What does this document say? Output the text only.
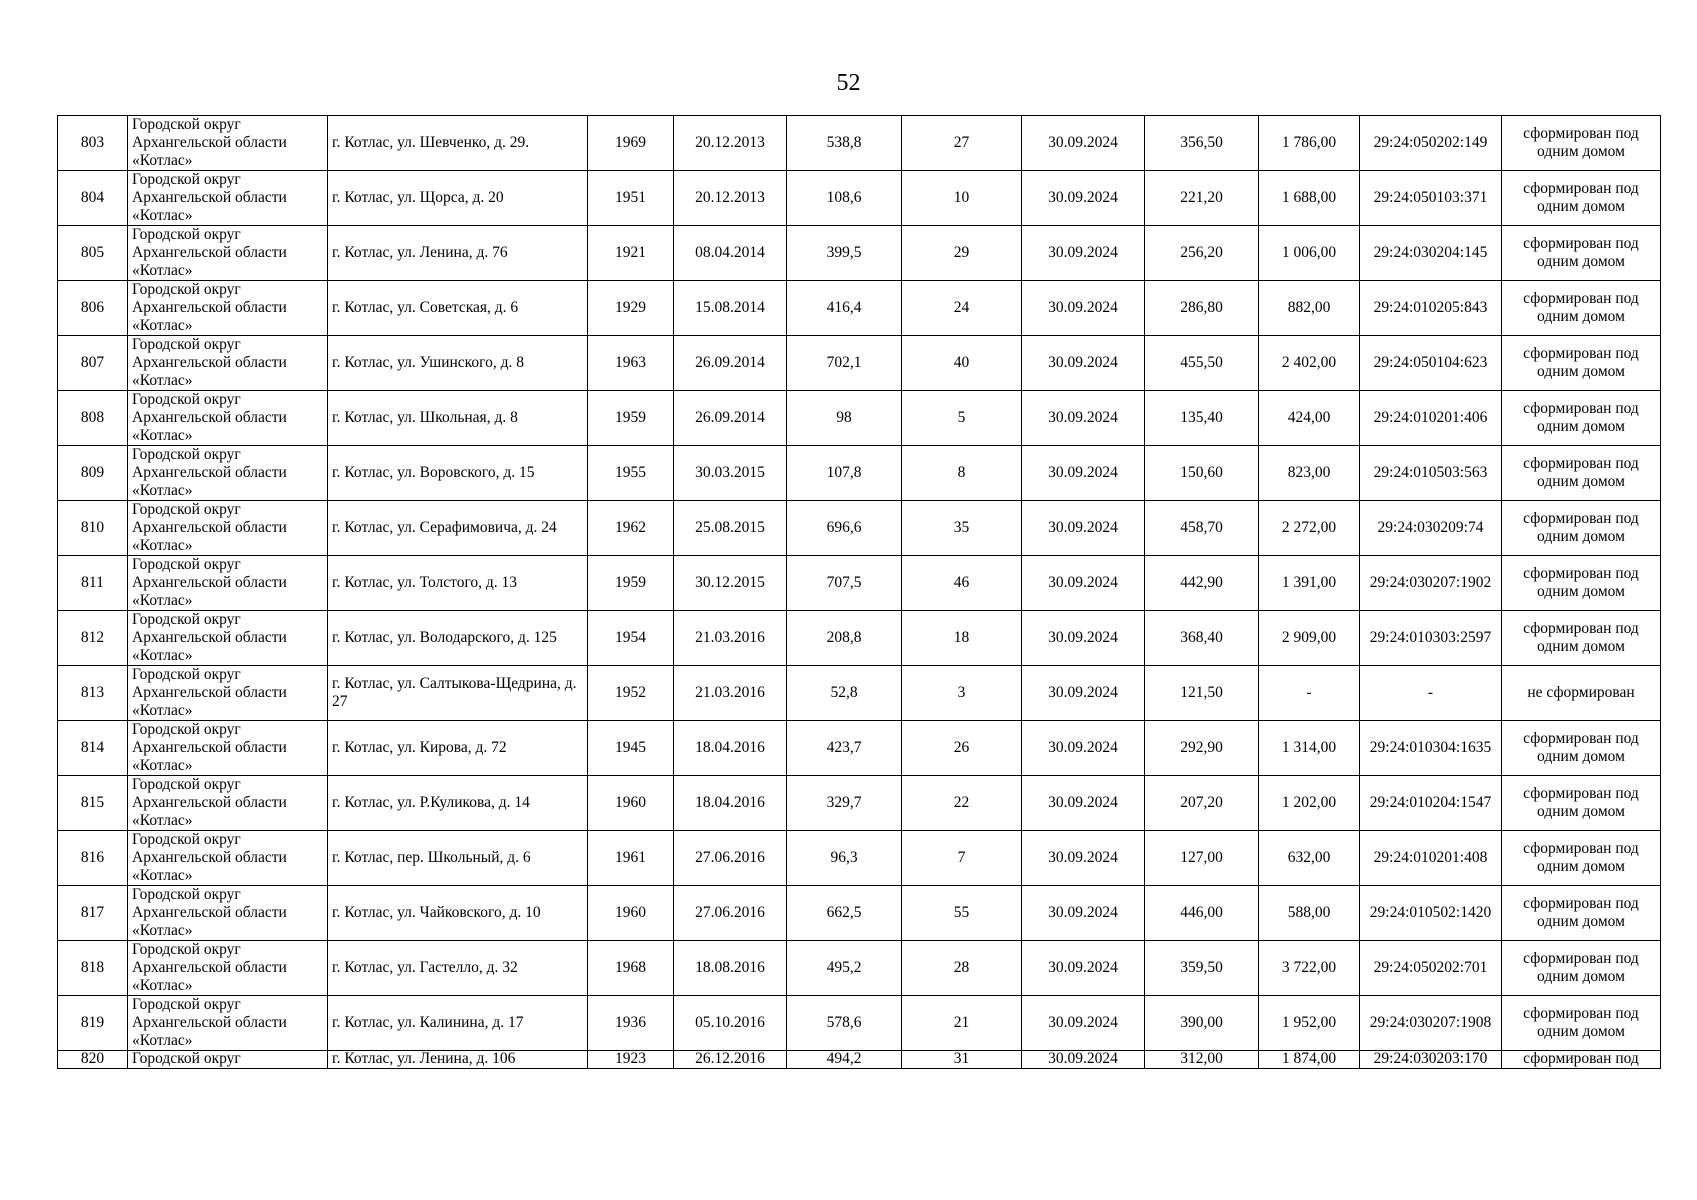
52
803	Городской округ Архангельской области «Котлас»	г. Котлас, ул. Шевченко, д. 29.	1969	20.12.2013	538,8	27	30.09.2024	356,50	1 786,00	29:24:050202:149	сформирован под одним домом
804	Городской округ Архангельской области «Котлас»	г. Котлас, ул. Щорса, д. 20	1951	20.12.2013	108,6	10	30.09.2024	221,20	1 688,00	29:24:050103:371	сформирован под одним домом
805	Городской округ Архангельской области «Котлас»	г. Котлас, ул. Ленина, д. 76	1921	08.04.2014	399,5	29	30.09.2024	256,20	1 006,00	29:24:030204:145	сформирован под одним домом
806	Городской округ Архангельской области «Котлас»	г. Котлас, ул. Советская, д. 6	1929	15.08.2014	416,4	24	30.09.2024	286,80	882,00	29:24:010205:843	сформирован под одним домом
807	Городской округ Архангельской области «Котлас»	г. Котлас, ул. Ушинского, д. 8	1963	26.09.2014	702,1	40	30.09.2024	455,50	2 402,00	29:24:050104:623	сформирован под одним домом
808	Городской округ Архангельской области «Котлас»	г. Котлас, ул. Школьная, д. 8	1959	26.09.2014	98	5	30.09.2024	135,40	424,00	29:24:010201:406	сформирован под одним домом
809	Городской округ Архангельской области «Котлас»	г. Котлас, ул. Воровского, д. 15	1955	30.03.2015	107,8	8	30.09.2024	150,60	823,00	29:24:010503:563	сформирован под одним домом
810	Городской округ Архангельской области «Котлас»	г. Котлас, ул. Серафимовича, д. 24	1962	25.08.2015	696,6	35	30.09.2024	458,70	2 272,00	29:24:030209:74	сформирован под одним домом
811	Городской округ Архангельской области «Котлас»	г. Котлас, ул. Толстого, д. 13	1959	30.12.2015	707,5	46	30.09.2024	442,90	1 391,00	29:24:030207:1902	сформирован под одним домом
812	Городской округ Архангельской области «Котлас»	г. Котлас, ул. Володарского, д. 125	1954	21.03.2016	208,8	18	30.09.2024	368,40	2 909,00	29:24:010303:2597	сформирован под одним домом
813	Городской округ Архангельской области «Котлас»	г. Котлас, ул. Салтыкова-Щедрина, д. 27	1952	21.03.2016	52,8	3	30.09.2024	121,50	-	-	не сформирован
814	Городской округ Архангельской области «Котлас»	г. Котлас, ул. Кирова, д. 72	1945	18.04.2016	423,7	26	30.09.2024	292,90	1 314,00	29:24:010304:1635	сформирован под одним домом
815	Городской округ Архангельской области «Котлас»	г. Котлас, ул. Р.Куликова, д. 14	1960	18.04.2016	329,7	22	30.09.2024	207,20	1 202,00	29:24:010204:1547	сформирован под одним домом
816	Городской округ Архангельской области «Котлас»	г. Котлас, пер. Школьный, д. 6	1961	27.06.2016	96,3	7	30.09.2024	127,00	632,00	29:24:010201:408	сформирован под одним домом
817	Городской округ Архангельской области «Котлас»	г. Котлас, ул. Чайковского, д. 10	1960	27.06.2016	662,5	55	30.09.2024	446,00	588,00	29:24:010502:1420	сформирован под одним домом
818	Городской округ Архангельской области «Котлас»	г. Котлас, ул. Гастелло, д. 32	1968	18.08.2016	495,2	28	30.09.2024	359,50	3 722,00	29:24:050202:701	сформирован под одним домом
819	Городской округ Архангельской области «Котлас»	г. Котлас, ул. Калинина, д. 17	1936	05.10.2016	578,6	21	30.09.2024	390,00	1 952,00	29:24:030207:1908	сформирован под одним домом
820	Городской округ	г. Котлас, ул. Ленина, д. 106	1923	26.12.2016	494,2	31	30.09.2024	312,00	1 874,00	29:24:030203:170	сформирован под
